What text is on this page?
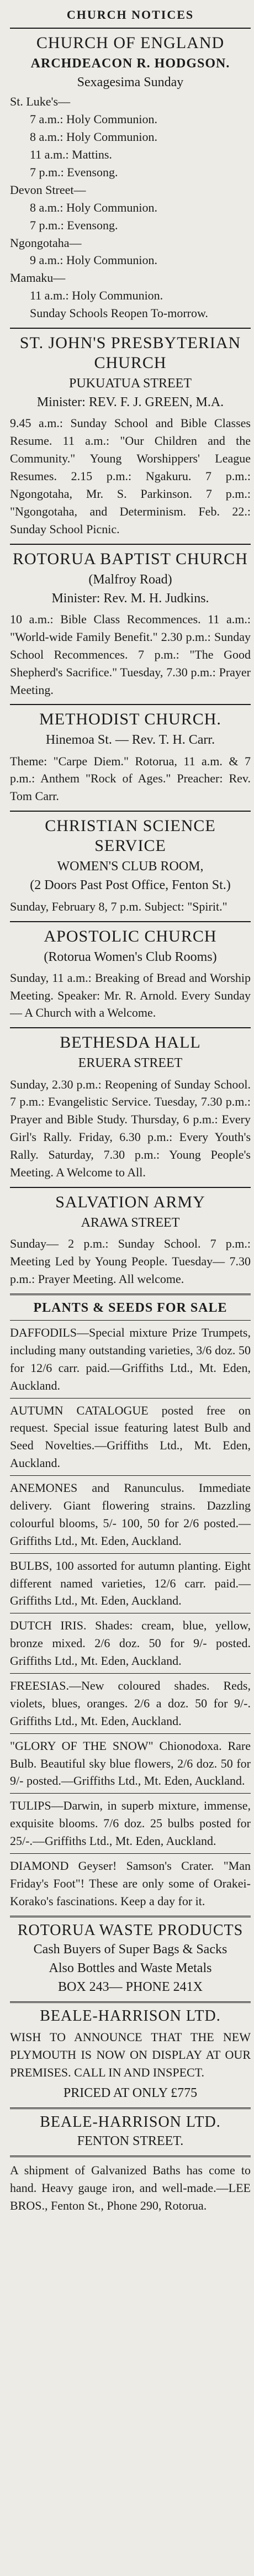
CHURCH NOTICES
CHURCH OF ENGLAND
ARCHDEACON R. HODGSON.
Sexagesima Sunday

St. Luke's—

7 a.m.: Holy Communion.

8 a.m.: Holy Communion.

11 a.m.: Mattins.

7 p.m.: Evensong.

Devon Street—

8 a.m.: Holy Communion.

7 p.m.: Evensong.

Ngongotaha—

9 a.m.: Holy Communion.

Mamaku—

11 a.m.: Holy Communion.

Sunday Schools Reopen To-morrow.

ST. JOHN'S PRESBYTERIAN CHURCH
PUKUATUA STREET
Minister: REV. F. J. GREEN, M.A.

9.45 a.m.: Sunday School and Bible Classes Resume. 11 a.m.: "Our Children and the Community." Young Worshippers' League Resumes. 2.15 p.m.: Ngakuru. 7 p.m.: Ngongotaha, Mr. S. Parkinson. 7 p.m.: "Ngongotaha, and Determinism. Feb. 22.: Sunday School Picnic.

ROTORUA BAPTIST CHURCH
(Malfroy Road)
Minister: Rev. M. H. Judkins.

10 a.m.: Bible Class Recommences. 11 a.m.: "World-wide Family Benefit." 2.30 p.m.: Sunday School Recommences. 7 p.m.: "The Good Shepherd's Sacrifice." Tuesday, 7.30 p.m.: Prayer Meeting.

METHODIST CHURCH.
Hinemoa St. — Rev. T. H. Carr.

Theme: "Carpe Diem." Rotorua, 11 a.m. & 7 p.m.: Anthem "Rock of Ages." Preacher: Rev. Tom Carr.

CHRISTIAN SCIENCE SERVICE
WOMEN'S CLUB ROOM,
(2 Doors Past Post Office, Fenton St.)

Sunday, February 8, 7 p.m. Subject: "Spirit."

APOSTOLIC CHURCH
(Rotorua Women's Club Rooms)

Sunday, 11 a.m.: Breaking of Bread and Worship Meeting. Speaker: Mr. R. Arnold. Every Sunday — A Church with a Welcome.

BETHESDA HALL
ERUERA STREET

Sunday, 2.30 p.m.: Reopening of Sunday School. 7 p.m.: Evangelistic Service. Tuesday, 7.30 p.m.: Prayer and Bible Study. Thursday, 6 p.m.: Every Girl's Rally. Friday, 6.30 p.m.: Every Youth's Rally. Saturday, 7.30 p.m.: Young People's Meeting. A Welcome to All.

SALVATION ARMY
ARAWA STREET

Sunday— 2 p.m.: Sunday School. 7 p.m.: Meeting Led by Young People. Tuesday— 7.30 p.m.: Prayer Meeting. All welcome.

PLANTS & SEEDS FOR SALE

DAFFODILS—Special mixture Prize Trumpets, including many outstanding varieties, 3/6 doz. 50 for 12/6 carr. paid.—Griffiths Ltd., Mt. Eden, Auckland.

AUTUMN CATALOGUE posted free on request. Special issue featuring latest Bulb and Seed Novelties.—Griffiths Ltd., Mt. Eden, Auckland.

ANEMONES and Ranunculus. Immediate delivery. Giant flowering strains. Dazzling colourful blooms, 5/- 100, 50 for 2/6 posted.—Griffiths Ltd., Mt. Eden, Auckland.

BULBS, 100 assorted for autumn planting. Eight different named varieties, 12/6 carr. paid.—Griffiths Ltd., Mt. Eden, Auckland.

DUTCH IRIS. Shades: cream, blue, yellow, bronze mixed. 2/6 doz. 50 for 9/- posted. Griffiths Ltd., Mt. Eden, Auckland.

FREESIAS.—New coloured shades. Reds, violets, blues, oranges. 2/6 a doz. 50 for 9/-. Griffiths Ltd., Mt. Eden, Auckland.

"GLORY OF THE SNOW" Chionodoxa. Rare Bulb. Beautiful sky blue flowers, 2/6 doz. 50 for 9/- posted.—Griffiths Ltd., Mt. Eden, Auckland.

TULIPS—Darwin, in superb mixture, immense, exquisite blooms. 7/6 doz. 25 bulbs posted for 25/-.—Griffiths Ltd., Mt. Eden, Auckland.

DIAMOND Geyser! Samson's Crater. "Man Friday's Foot"! These are only some of Orakei-Korako's fascinations. Keep a day for it.

ROTORUA WASTE PRODUCTS
Cash Buyers of Super Bags & Sacks
Also Bottles and Waste Metals
BOX 243— PHONE 241X
BEALE-HARRISON LTD.

WISH TO ANNOUNCE THAT THE NEW PLYMOUTH IS NOW ON DISPLAY AT OUR PREMISES. CALL IN AND INSPECT.

PRICED AT ONLY £775
BEALE-HARRISON LTD.
FENTON STREET.

A shipment of Galvanized Baths has come to hand. Heavy gauge iron, and well-made.—LEE BROS., Fenton St., Phone 290, Rotorua.
